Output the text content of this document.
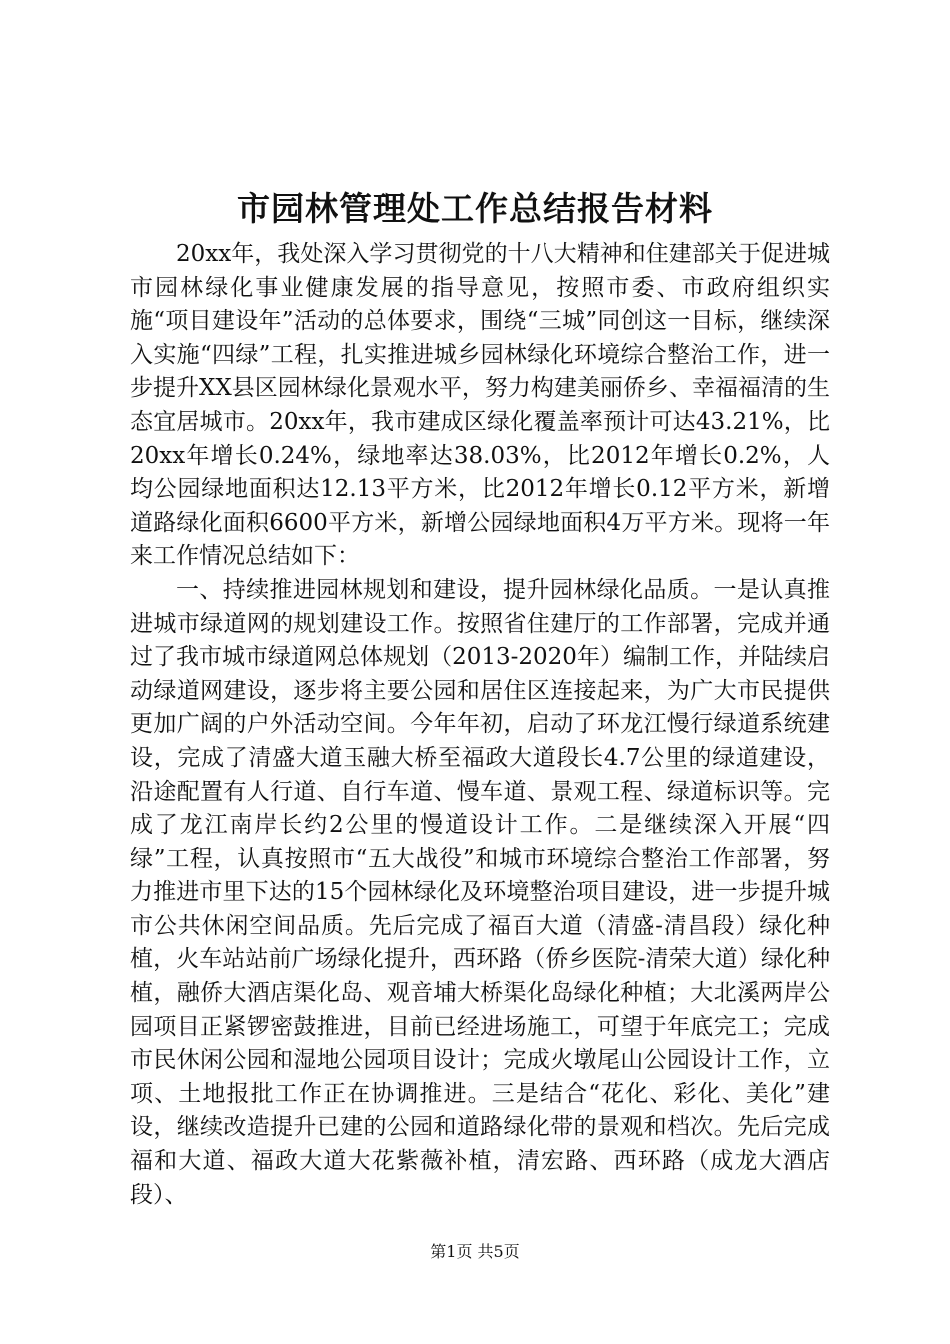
市园林管理处工作总结报告材料

20xx年，我处深入学习贯彻党的十八大精神和住建部关于促进城市园林绿化事业健康发展的指导意见，按照市委、市政府组织实施“项目建设年”活动的总体要求，围绕“三城”同创这一目标，继续深入实施“四绿”工程，扎实推进城乡园林绿化环境综合整治工作，进一步提升XX县区园林绿化景观水平，努力构建美丽侨乡、幸福福清的生态宜居城市。20xx年，我市建成区绿化覆盖率预计可达43.21%，比20xx年增长0.24%，绿地率达38.03%，比2012年增长0.2%，人均公园绿地面积达12.13平方米，比2012年增长0.12平方米，新增道路绿化面积6600平方米，新增公园绿地面积4万平方米。现将一年来工作情况总结如下：

一、持续推进园林规划和建设，提升园林绿化品质。一是认真推进城市绿道网的规划建设工作。按照省住建厅的工作部署，完成并通过了我市城市绿道网总体规划（2013-2020年）编制工作，并陆续启动绿道网建设，逐步将主要公园和居住区连接起来，为广大市民提供更加广阔的户外活动空间。今年年初，启动了环龙江慢行绿道系统建设，完成了清盛大道玉融大桥至福政大道段长4.7公里的绿道建设，沿途配置有人行道、自行车道、慢车道、景观工程、绿道标识等。完成了龙江南岸长约2公里的慢道设计工作。二是继续深入开展“四绿”工程，认真按照市“五大战役”和城市环境综合整治工作部署，努力推进市里下达的15个园林绿化及环境整治项目建设，进一步提升城市公共休闲空间品质。先后完成了福百大道（清盛-清昌段）绿化种植，火车站站前广场绿化提升，西环路（侨乡医院-清荣大道）绿化种植，融侨大酒店渠化岛、观音埔大桥渠化岛绿化种植；大北溪两岸公园项目正紧锣密鼓推进，目前已经进场施工，可望于年底完工；完成市民休闲公园和湿地公园项目设计；完成火墩尾山公园设计工作，立项、土地报批工作正在协调推进。三是结合“花化、彩化、美化”建设，继续改造提升已建的公园和道路绿化带的景观和档次。先后完成福和大道、福政大道大花紫薇补植，清宏路、西环路（成龙大酒店段）、

第1页 共5页
